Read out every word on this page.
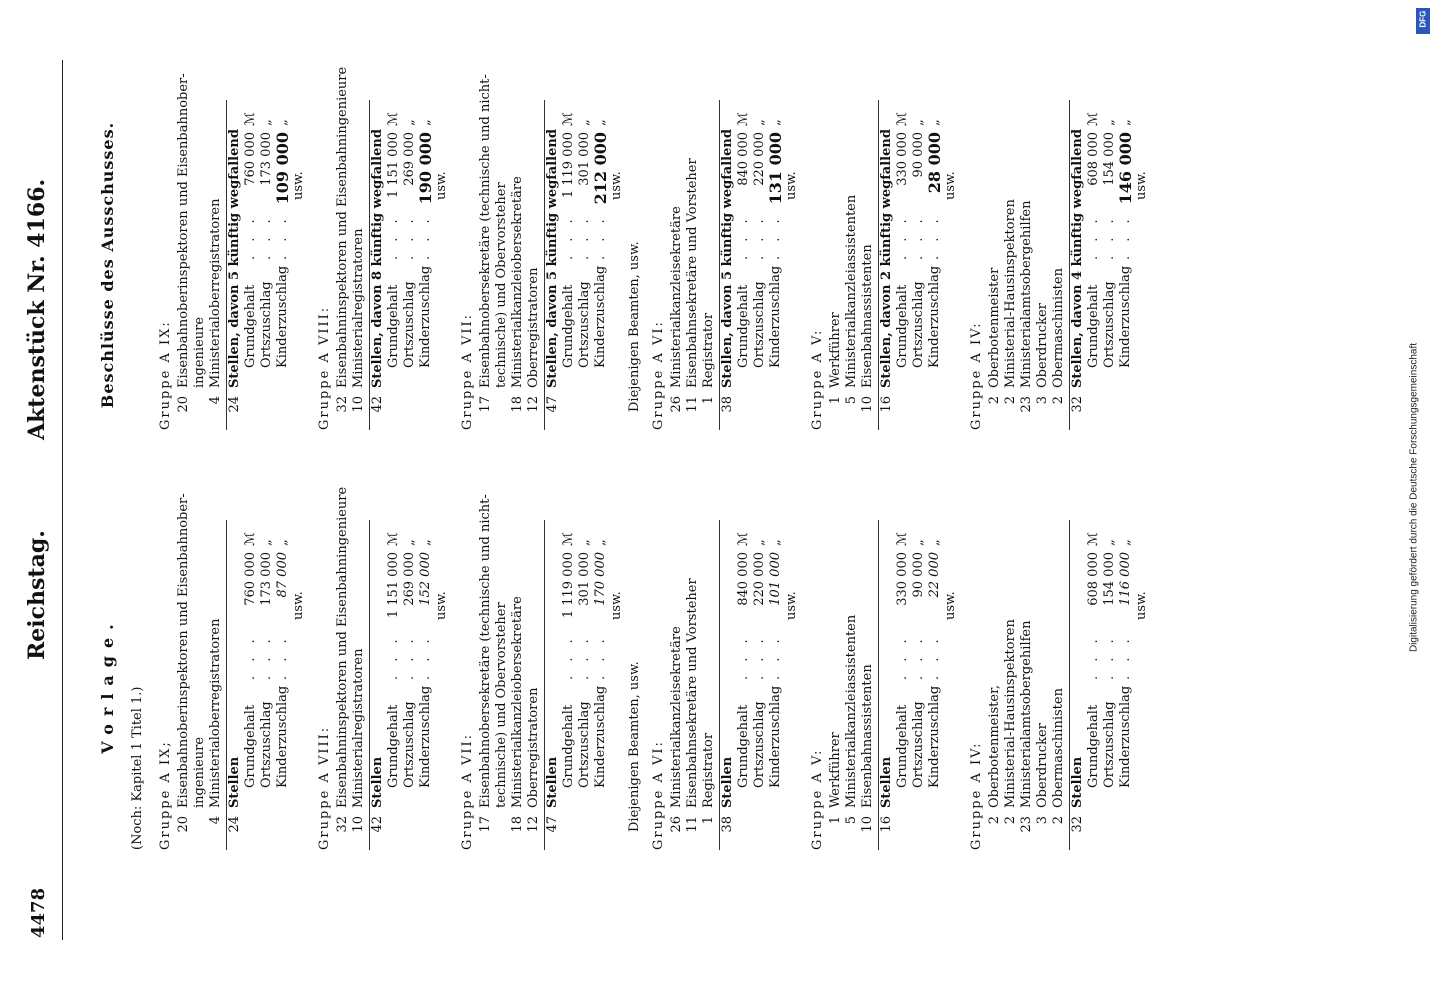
4478
Reichstag.
Aktenstück Nr. 4166.
Vorlage.
(Noch: Kapitel 1 Titel 1.)	Gruppe A IX; 20
Eisenbahnoberinspektoren und Eisenbahnober- ingenieure
4
Ministerialoberregistratoren
24
Stellen Grundgehalt
. . .
760 000
ℳ
Ortszuschlag
. . .
173 000
„
Kinderzuschlag
. . .
87 000
„
usw.
Gruppe A VIII: 32
Eisenbahninspektoren und Eisenbahningenieure
10
Ministerialregistratoren
42
Stellen Grundgehalt
. . .
1 151 000
ℳ
Ortszuschlag
. . .
269 000
„
Kinderzuschlag
. . .
152 000
„
usw.
Gruppe A VII: 17
Eisenbahnobersekretäre (technische und nicht- technische) und Obervorsteher
18
Ministerialkanzleiobersekretäre
12
Oberregistratoren
47
Stellen Grundgehalt
. . .
1 119 000
ℳ
Ortszuschlag
. . .
301 000
„
Kinderzuschlag
. . .
170 000
„
usw.
Diejenigen Beamten, usw. Gruppe A VI: 26
Ministerialkanzleisekretäre
11
Eisenbahnsekretäre und Vorsteher
1
Registrator
38
Stellen Grundgehalt
. . .
840 000
ℳ
Ortszuschlag
. . .
220 000
„
Kinderzuschlag
. . .
101 000
„
usw.
Gruppe A V: 1
Werkführer
5
Ministerialkanzleiassistenten
10
Eisenbahnassistenten
16
Stellen Grundgehalt
. . .
330 000
ℳ
Ortszuschlag
. . .
90 000
„
Kinderzuschlag
. . .
22 000
„
usw.
Gruppe A IV: 2
Oberbotenmeister,
2
Ministerial-Hausinspektoren
23
Ministerialamtsobergehilfen
3
Oberdrucker
2
Obermaschinisten
32
Stellen Grundgehalt
. . .
608 000
ℳ
Ortszuschlag
. . .
154 000
„
Kinderzuschlag
. . .
116 000
„
usw.
Beschlüsse des Ausschusses.	Gruppe A IX: 20
Eisenbahnoberinspektoren und Eisenbahnober- ingenieure
4
Ministerialoberregistratoren
24
Stellen, davon 5 künftig wegfallend Grundgehalt
. . .
760 000
ℳ
Ortszuschlag
. . .
173 000
„
Kinderzuschlag
. . .
109 000
„
usw.
Gruppe A VIII: 32
Eisenbahninspektoren und Eisenbahningenieure
10
Ministerialregistratoren
42
Stellen, davon 8 künftig wegfallend Grundgehalt
. . .
1 151 000
ℳ
Ortszuschlag
. . .
269 000
„
Kinderzuschlag
. . .
190 000
„
usw.
Gruppe A VII: 17
Eisenbahnobersekretäre (technische und nicht- technische) und Obervorsteher
18
Ministerialkanzleiobersekretäre
12
Oberregistratoren
47
Stellen, davon 5 künftig wegfallend Grundgehalt
. . .
1 119 000
ℳ
Ortszuschlag
. . .
301 000
„
Kinderzuschlag
. . .
212 000
„
usw.
Diejenigen Beamten, usw. Gruppe A VI: 26
Ministerialkanzleisekretäre
11
Eisenbahnsekretäre und Vorsteher
1
Registrator
38
Stellen, davon 5 künftig wegfallend Grundgehalt
. . .
840 000
ℳ
Ortszuschlag
. . .
220 000
„
Kinderzuschlag
. . .
131 000
„
usw.
Gruppe A V: 1
Werkführer
5
Ministerialkanzleiassistenten
10
Eisenbahnassistenten
16
Stellen, davon 2 künftig wegfallend Grundgehalt
. . .
330 000
ℳ
Ortszuschlag
. . .
90 000
„
Kinderzuschlag
. . .
28 000
„
usw.
Gruppe A IV: 2
Oberbotenmeister
2
Ministerial-Hausinspektoren
23
Ministerialamtsobergehilfen
3
Oberdrucker
2
Obermaschinisten
32
Stellen, davon 4 künftig wegfallend Grundgehalt
. . .
608 000
ℳ
Ortszuschlag
. . .
154 000
„
Kinderzuschlag
. . .
146 000
„
usw.
Digitalisierung gefördert durch die Deutsche Forschungsgemeinschaft
DFG
